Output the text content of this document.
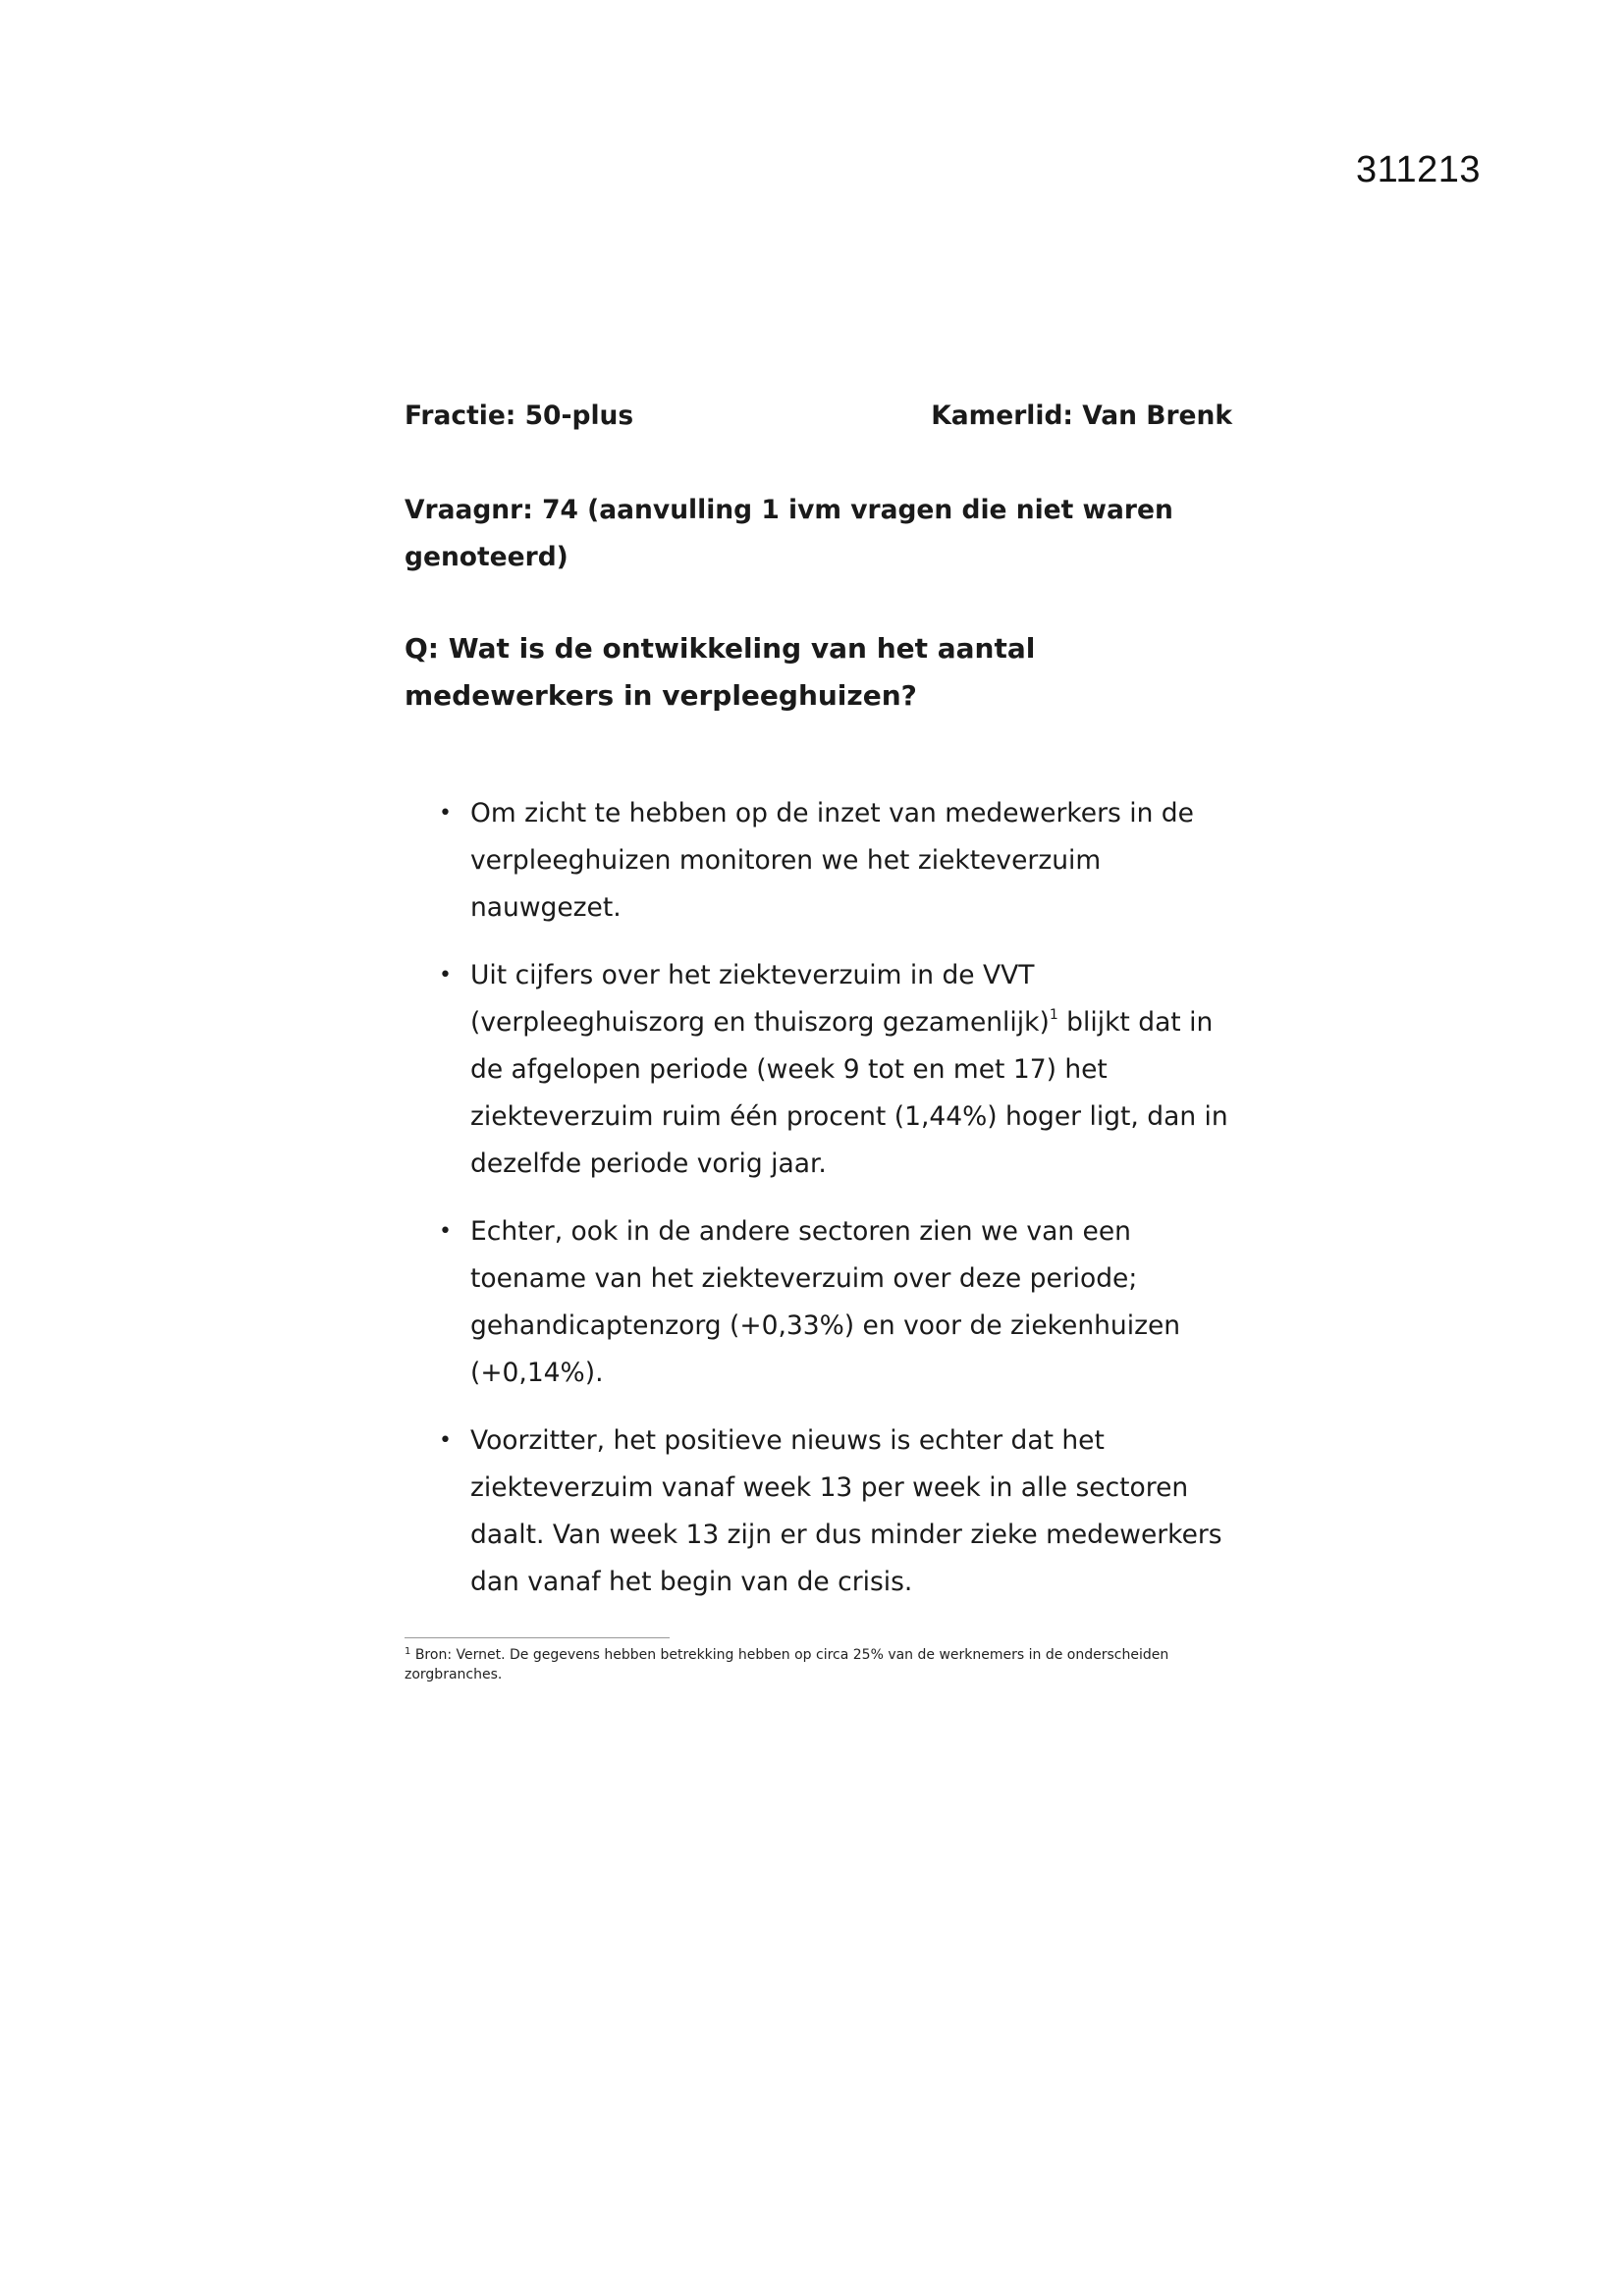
311213
Fractie: 50-plus	Kamerlid: Van Brenk
Vraagnr: 74 (aanvulling 1 ivm vragen die niet waren genoteerd)
Q: Wat is de ontwikkeling van het aantal medewerkers in verpleeghuizen?
• Om zicht te hebben op de inzet van medewerkers in de verpleeghuizen monitoren we het ziekteverzuim nauwgezet.
• Uit cijfers over het ziekteverzuim in de VVT (verpleeghuiszorg en thuiszorg gezamenlijk)$^1$ blijkt dat in de afgelopen periode (week 9 tot en met 17) het ziekteverzuim ruim één procent (1,44%) hoger ligt, dan in dezelfde periode vorig jaar.
• Echter, ook in de andere sectoren zien we van een toename van het ziekteverzuim over deze periode; gehandicaptenzorg (+0,33%) en voor de ziekenhuizen (+0,14%).
• Voorzitter, het positieve nieuws is echter dat het ziekteverzuim vanaf week 13 per week in alle sectoren daalt. Van week 13 zijn er dus minder zieke medewerkers dan vanaf het begin van de crisis.
$^1$ Bron: Vernet. De gegevens hebben betrekking hebben op circa 25% van de werknemers in de onderscheiden zorgbranches.
